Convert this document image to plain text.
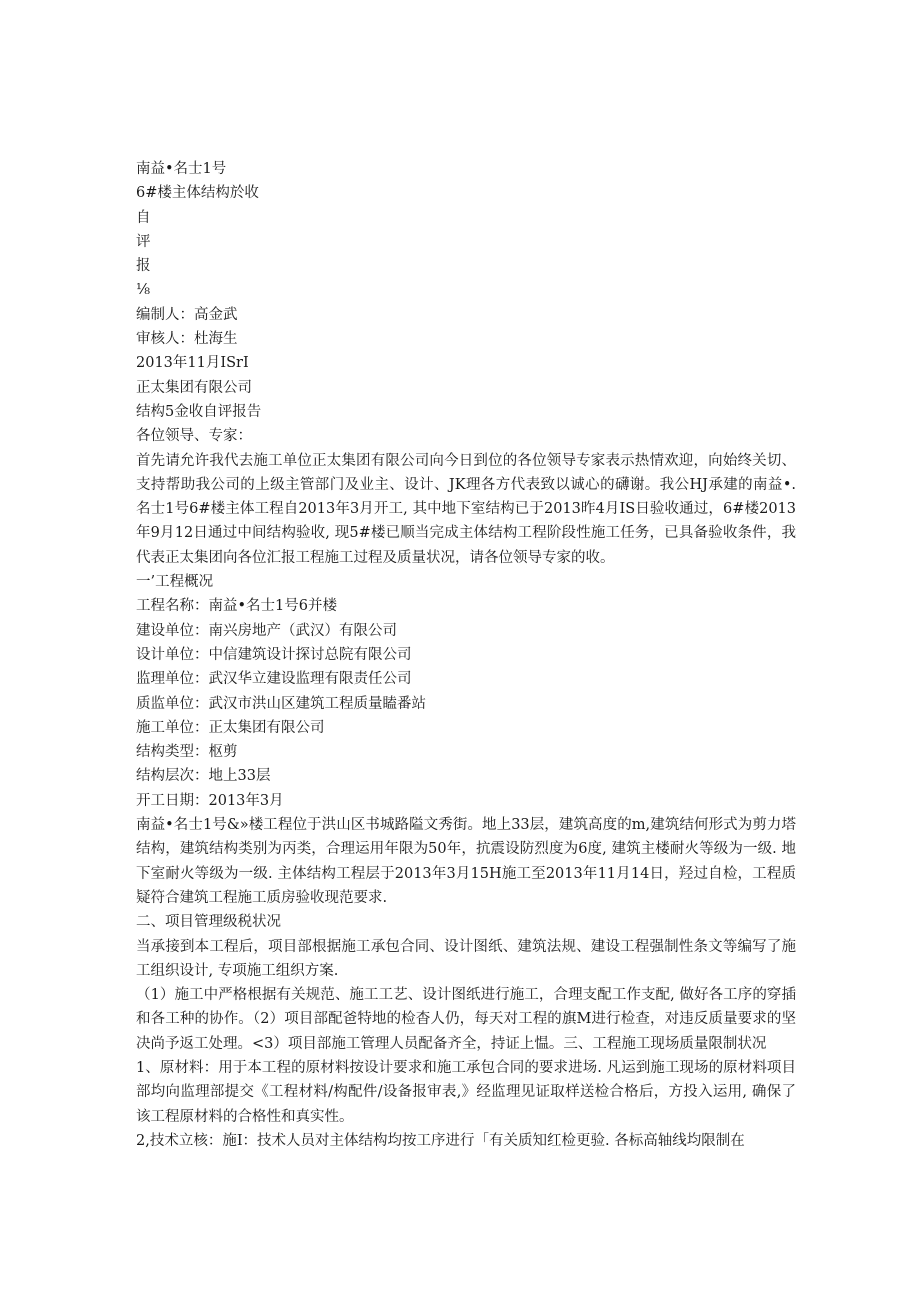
南益•名士1号
6#楼主体结构於收
自
评
报
⅛
编制人：高金武
审核人：杜海生
2013年11月ISrI
正太集团有限公司
结构5金收自评报告
各位领导、专家：
首先请允许我代去施工单位正太集团有限公司向今日到位的各位领导专家表示热情欢迎，向始终关切、支持帮助我公司的上级主管部门及业主、设计、JK理各方代表致以诚心的礴谢。我公HJ承建的南益•. 名士1号6#楼主体工程自2013年3月开工, 其中地下室结构已于2013昨4月IS日验收通过，6#楼2013年9月12日通过中间结构验收, 现5#楼已顺当完成主体结构工程阶段性施工任务，已具备验收条件，我代表正太集团向各位汇报工程施工过程及质量状况，请各位领导专家的收。
一’工程概况
工程名称：南益•名士1号6并楼
建设单位：南兴房地产（武汉）有限公司
设计单位：中信建筑设计探讨总院有限公司
监理单位：武汉华立建设监理有限责任公司
质监单位：武汉市洪山区建筑工程质量瞌番站
施工单位：正太集团有限公司
结构类型：枢剪
结构层次：地上33层
开工日期：2013年3月
南益•名士1号&»楼工程位于洪山区书城路隘文秀街。地上33层，建筑高度的m,建筑结何形式为剪力塔结构，建筑结构类别为丙类，合理运用年限为50年，抗震设防烈度为6度, 建筑主楼耐火等级为一级. 地下室耐火等级为一级. 主体结构工程层于2013年3月15H施工至2013年11月14日，羟过自检，工程质疑符合建筑工程施工质房验收现范要求.
二、项目管理级税状况
当承接到本工程后，项目部根据施工承包合同、设计图纸、建筑法规、建设工程强制性条文等编写了施工组织设计, 专项施工组织方案.
（1）施工中严格根据有关规范、施工工艺、设计图纸进行施工，合理支配工作支配, 做好各工序的穿插和各工种的协作。（2）项目部配爸特地的检杳人仍，每天对工程的旗M进行检查，对违反质量要求的坚决尚予返工处理。<3）项目部施工管理人员配备齐全，持证上愠。三、工程施工现场质量限制状况
1、原材料：用于本工程的原材料按设计要求和施工承包合同的要求进场. 凡运到施工现场的原材料项目部均向监理部提交《工程材料/构配件/设备报审表,》经监理见证取样送检合格后，方投入运用, 确保了该工程原材料的合格性和真实性。
2,技术立核：施I：技术人员对主体结构均按工序进行「有关质知红检更验. 各标高轴线均限制在
